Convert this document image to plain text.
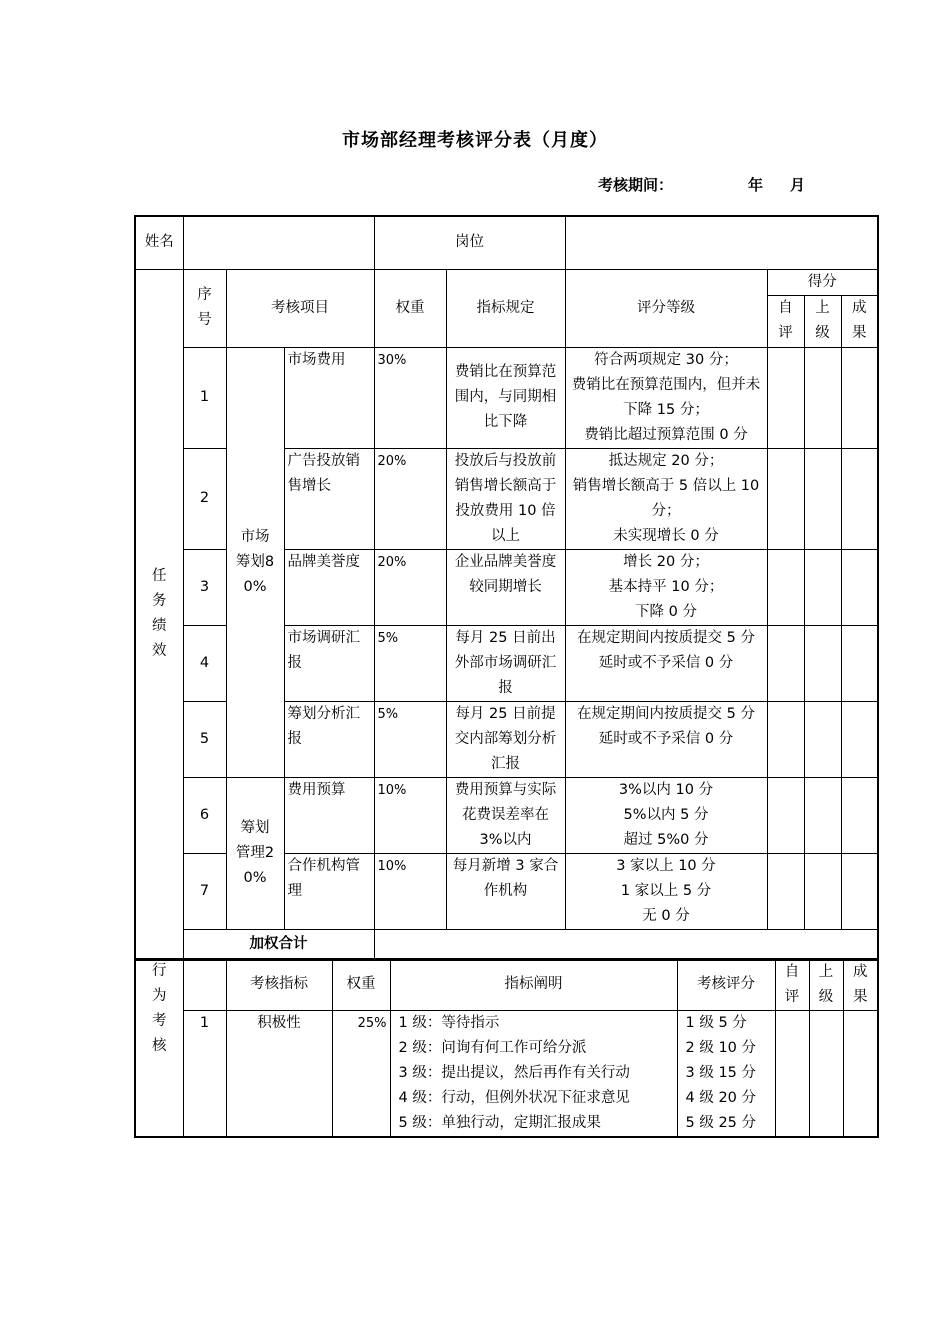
市场部经理考核评分表（月度）
考核期间：	年 月
姓名				岗位					
任务绩效	序号	考核项目		权重	指标规定	评分等级	得分		
							自评	上级	成果
	1	市场筹划80%	市场费用	30%	费销比在预算范围内，与同期相比下降	符合两项规定 30 分；
费销比在预算范围内，但并未下降 15 分；
费销比超过预算范围 0 分			
	2		广告投放销售增长	20%	投放后与投放前销售增长额高于投放费用 10 倍以上	抵达规定 20 分；
销售增长额高于 5 倍以上 10 分；
未实现增长 0 分			
	3		品牌美誉度	20%	企业品牌美誉度较同期增长	增长 20 分；
基本持平 10 分；
下降 0 分			
	4		市场调研汇报	5%	每月 25 日前出外部市场调研汇报	在规定期间内按质提交 5 分
延时或不予采信 0 分			
	5		筹划分析汇报	5%	每月 25 日前提交内部筹划分析汇报	在规定期间内按质提交 5 分
延时或不予采信 0 分			
	6	筹划管理20%	费用预算	10%	费用预算与实际花费误差率在 3%以内	3%以内 10 分
5%以内 5 分
超过 5%0 分			
	7		合作机构管理	10%	每月新增 3 家合作机构	3 家以上 10 分
1 家以上 5 分
无 0 分			
	加权合计								
行为考核		考核指标	权重	指标阐明	考核评分	自评	上级	成果
	1	积极性	25%	1 级：等待指示
2 级：问询有何工作可给分派
3 级：提出提议，然后再作有关行动
4 级：行动，但例外状况下征求意见
5 级：单独行动，定期汇报成果	1 级 5 分
2 级 10 分
3 级 15 分
4 级 20 分
5 级 25 分			
